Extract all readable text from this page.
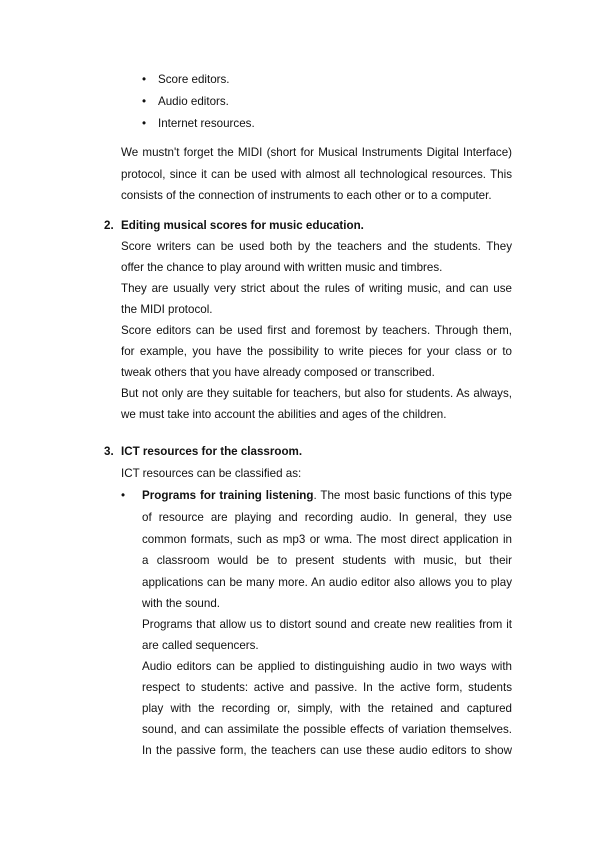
• Score editors.
• Audio editors.
• Internet resources.
We mustn't forget the MIDI (short for Musical Instruments Digital Interface)
protocol, since it can be used with almost all technological resources. This
consists of the connection of instruments to each other or to a computer.
2. Editing musical scores for music education.
Score writers can be used both by the teachers and the students. They
offer the chance to play around with written music and timbres.
They are usually very strict about the rules of writing music, and can use
the MIDI protocol.
Score editors can be used first and foremost by teachers. Through them,
for example, you have the possibility to write pieces for your class or to
tweak others that you have already composed or transcribed.
But not only are they suitable for teachers, but also for students. As always,
we must take into account the abilities and ages of the children.
3. ICT resources for the classroom.
ICT resources can be classified as:
• Programs for training listening. The most basic functions of this type
of resource are playing and recording audio. In general, they use
common formats, such as mp3 or wma. The most direct application in
a classroom would be to present students with music, but their
applications can be many more. An audio editor also allows you to play
with the sound.
Programs that allow us to distort sound and create new realities from it
are called sequencers.
Audio editors can be applied to distinguishing audio in two ways with
respect to students: active and passive. In the active form, students
play with the recording or, simply, with the retained and captured
sound, and can assimilate the possible effects of variation themselves.
In the passive form, the teachers can use these audio editors to show
